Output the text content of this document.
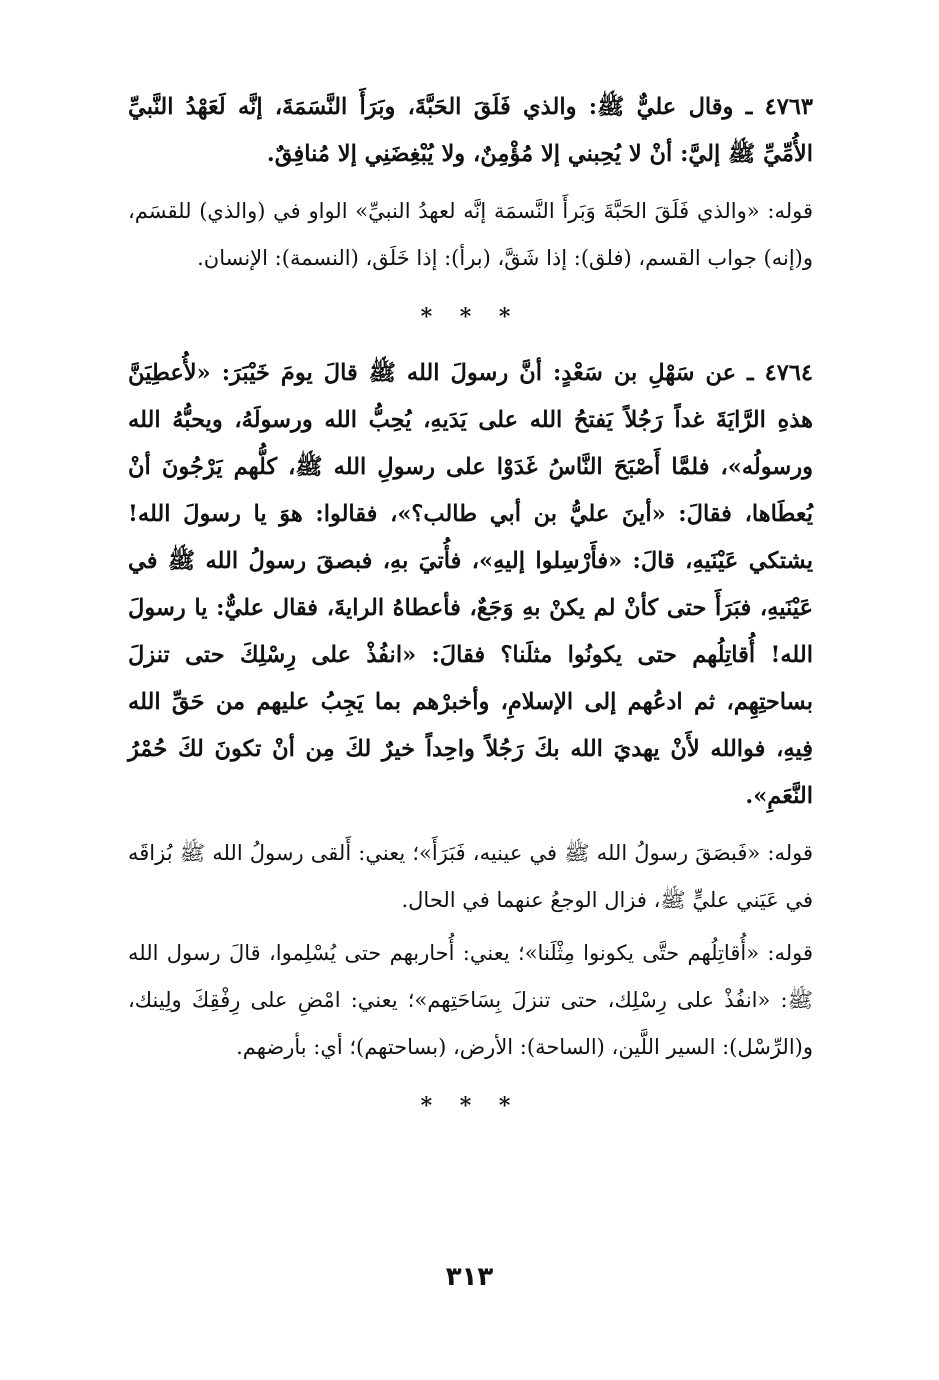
٤٧٦٣ ـ وقال عليٌّ ﷺ: والذي فَلَقَ الحَبَّةَ، وبَرَأَ النَّسَمَةَ، إنَّه لَعَهْدُ النَّبيِّ الأُمِّيِّ ﷺ إليَّ: أنْ لا يُحِبني إلا مُؤْمِنٌ، ولا يُبْغِضَنِي إلا مُنافِقٌ.

قوله: «والذي فَلَقَ الحَبَّةَ وَبَرأَ النَّسمَة إنَّه لعهدُ النبيِّ» الواو في (والذي) للقسَم، و(إنه) جواب القسم، (فلق): إذا شَقَّ، (برأ): إذا خَلَق، (النسمة): الإنسان.

* * *

٤٧٦٤ ـ عن سَهْلِ بن سَعْدٍ: أنَّ رسولَ الله ﷺ قالَ يومَ خَيْبَرَ: «لأُعطِيَنَّ هذهِ الرَّايَةَ غداً رَجُلاً يَفتحُ الله على يَدَيهِ، يُحِبُّ الله ورسولَهُ، ويحبُّهُ الله ورسولُه»، فلمَّا أَصْبَحَ النَّاسُ غَدَوْا على رسولِ الله ﷺ، كلُّهم يَرْجُونَ أنْ يُعطَاها، فقالَ: «أينَ عليُّ بن أبي طالب؟»، فقالوا: هوَ يا رسولَ الله! يشتكي عَيْنَيهِ، قالَ: «فأَرْسِلوا إليهِ»، فأُتيَ بهِ، فبصقَ رسولُ الله ﷺ في عَيْنَيهِ، فبَرَأَ حتى كأنْ لم يكنْ بهِ وَجَعٌ، فأعطاهُ الرايةَ، فقال عليٌّ: يا رسولَ الله! أُقاتِلُهم حتى يكونُوا مثلَنا؟ فقالَ: «انفُذْ على رِسْلِكَ حتى تنزلَ بساحتِهِم، ثم ادعُهم إلى الإسلامِ، وأخبرْهم بما يَجِبُ عليهم من حَقِّ الله فِيهِ، فوالله لأَنْ يهديَ الله بكَ رَجُلاً واحِداً خيرٌ لكَ مِن أنْ تكونَ لكَ حُمْرُ النَّعَمِ».

قوله: «فَبصَقَ رسولُ الله ﷺ في عينيه، فَبَرَأَ»؛ يعني: أَلقى رسولُ الله ﷺ بُزاقَه في عَيَني عليٍّ ﷺ، فزال الوجعُ عنهما في الحال.

قوله: «أُقاتِلُهم حتَّى يكونوا مِثْلَنا»؛ يعني: أُحاربهم حتى يُسْلِموا، قالَ رسول الله ﷺ: «انفُذْ على رِسْلِك، حتى تنزلَ بِسَاحَتِهم»؛ يعني: امْضِ على رِفْقِكَ ولِينك، و(الرِّسْل): السير اللَّين، (الساحة): الأرض، (بساحتهم)؛ أي: بأرضهم.

* * *
٣١٣
